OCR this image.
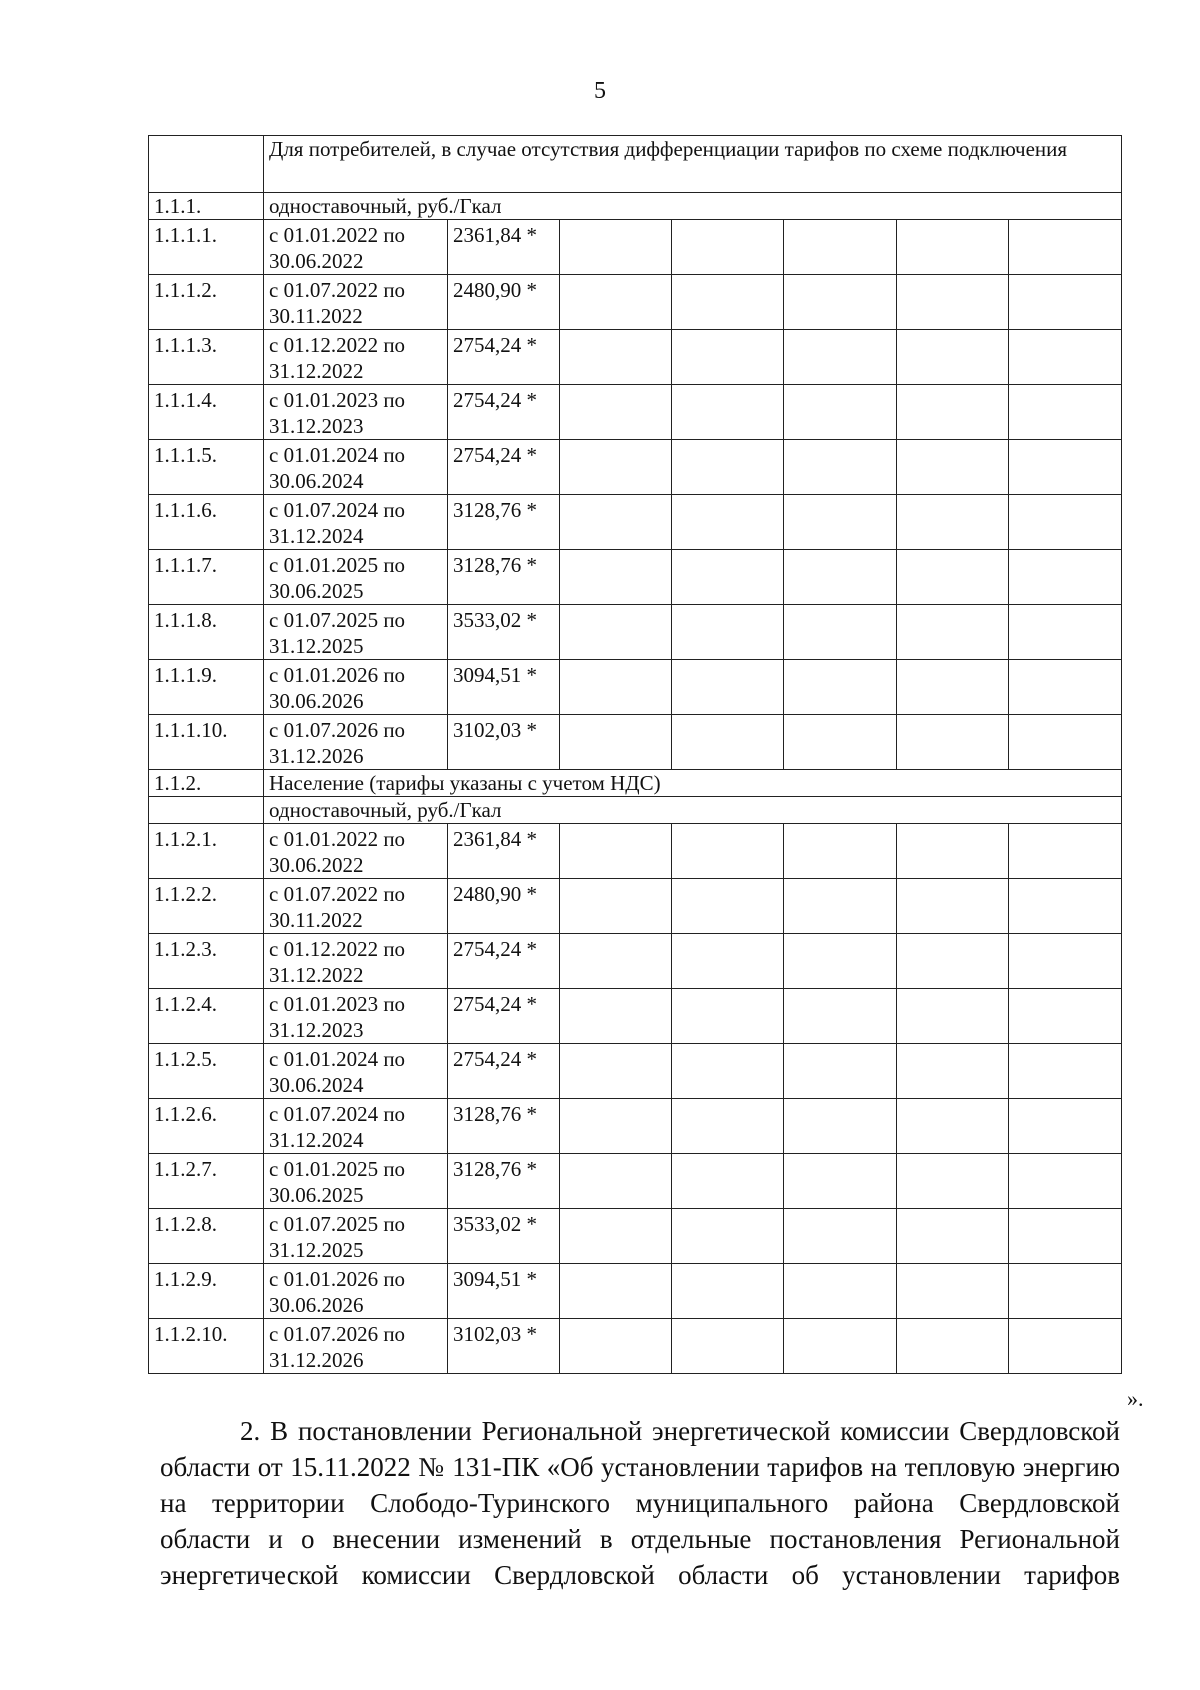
5
	Для потребителей, в случае отсутствия дифференциации тарифов по схеме подключения						
1.1.1.	одноставочный, руб./Гкал						
1.1.1.1.	с 01.01.2022 по 30.06.2022	2361,84 *					
1.1.1.2.	с 01.07.2022 по 30.11.2022	2480,90 *					
1.1.1.3.	с 01.12.2022 по 31.12.2022	2754,24 *					
1.1.1.4.	с 01.01.2023 по 31.12.2023	2754,24 *					
1.1.1.5.	с 01.01.2024 по 30.06.2024	2754,24 *					
1.1.1.6.	с 01.07.2024 по 31.12.2024	3128,76 *					
1.1.1.7.	с 01.01.2025 по 30.06.2025	3128,76 *					
1.1.1.8.	с 01.07.2025 по 31.12.2025	3533,02 *					
1.1.1.9.	с 01.01.2026 по 30.06.2026	3094,51 *					
1.1.1.10.	с 01.07.2026 по 31.12.2026	3102,03 *					
1.1.2.	Население (тарифы указаны с учетом НДС)						
	одноставочный, руб./Гкал						
1.1.2.1.	с 01.01.2022 по 30.06.2022	2361,84 *					
1.1.2.2.	с 01.07.2022 по 30.11.2022	2480,90 *					
1.1.2.3.	с 01.12.2022 по 31.12.2022	2754,24 *					
1.1.2.4.	с 01.01.2023 по 31.12.2023	2754,24 *					
1.1.2.5.	с 01.01.2024 по 30.06.2024	2754,24 *					
1.1.2.6.	с 01.07.2024 по 31.12.2024	3128,76 *					
1.1.2.7.	с 01.01.2025 по 30.06.2025	3128,76 *					
1.1.2.8.	с 01.07.2025 по 31.12.2025	3533,02 *					
1.1.2.9.	с 01.01.2026 по 30.06.2026	3094,51 *					
1.1.2.10.	с 01.07.2026 по 31.12.2026	3102,03 *					
».

2. В постановлении Региональной энергетической комиссии Свердловской области от 15.11.2022 № 131-ПК «Об установлении тарифов на тепловую энергию на территории Слободо-Туринского муниципального района Свердловской области и о внесении изменений в отдельные постановления Региональной энергетической комиссии Свердловской области об установлении тарифов
